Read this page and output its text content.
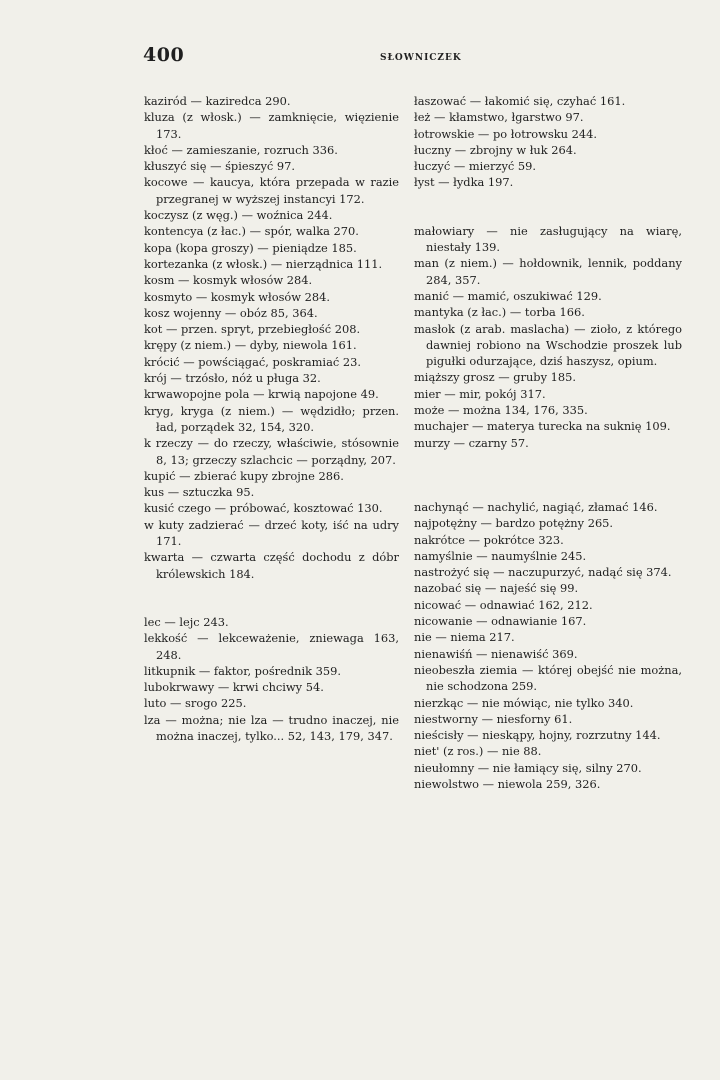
400	SŁOWNICZEK

kaziród — kaziredca 290.

kluza (z włosk.) — zamknięcie, więzienie 173.

kłoć — zamieszanie, rozruch 336.

kłuszyć się — śpieszyć 97.

kocowe — kaucya, która przepada w razie przegranej w wyższej instancyi 172.

koczysz (z węg.) — woźnica 244.

kontencya (z łac.) — spór, walka 270.

kopa (kopa groszy) — pieniądze 185.

kortezanka (z włosk.) — nierządnica 111.

kosm — kosmyk włosów 284.

kosmyto — kosmyk włosów 284.

kosz wojenny — obóz 85, 364.

kot — przen. spryt, przebiegłość 208.

krępy (z niem.) — dyby, niewola 161.

krócić — powściągać, poskramiać 23.

krój — trzósło, nóż u pługa 32.

krwawopojne pola — krwią napojone 49.

kryg, kryga (z niem.) — wędzidło; przen. ład, porządek 32, 154, 320.

k rzeczy — do rzeczy, właściwie, stósownie 8, 13; grzeczy szlachcic — porządny, 207.

kupić — zbierać kupy zbrojne 286.

kus — sztuczka 95.

kusić czego — próbować, kosztować 130.

w kuty zadzierać — drzeć koty, iść na udry 171.

kwarta — czwarta część dochodu z dóbr królewskich 184.

lec — lejc 243.

lekkość — lekceważenie, zniewaga 163, 248.

litkupnik — faktor, pośrednik 359.

lubokrwawy — krwi chciwy 54.

luto — srogo 225.

lza — można; nie lza — trudno inaczej, nie można inaczej, tylko... 52, 143, 179, 347.

łaszować — łakomić się, czyhać 161.

łeż — kłamstwo, łgarstwo 97.

łotrowskie — po łotrowsku 244.

łuczny — zbrojny w łuk 264.

łuczyć — mierzyć 59.

łyst — łydka 197.

małowiary — nie zasługujący na wiarę, niestały 139.

man (z niem.) — hołdownik, lennik, poddany 284, 357.

manić — mamić, oszukiwać 129.

mantyka (z łac.) — torba 166.

masłok (z arab. maslacha) — zioło, z którego dawniej robiono na Wschodzie proszek lub pigułki odurzające, dziś haszysz, opium.

miąższy grosz — gruby 185.

mier — mir, pokój 317.

może — można 134, 176, 335.

muchajer — materya turecka na suknię 109.

murzy — czarny 57.

nachynąć — nachylić, nagiąć, złamać 146.

najpotężny — bardzo potężny 265.

nakrótce — pokrótce 323.

namyślnie — naumyślnie 245.

nastrożyć się — naczupurzyć, nadąć się 374.

nazobać się — najeść się 99.

nicować — odnawiać 162, 212.

nicowanie — odnawianie 167.

nie — niema 217.

nienawiśń — nienawiść 369.

nieobeszła ziemia — której obejść nie można, nie schodzona 259.

nierzkąc — nie mówiąc, nie tylko 340.

niestworny — niesforny 61.

nieścisły — nieskąpy, hojny, rozrzutny 144.

niet' (z ros.) — nie 88.

nieułomny — nie łamiący się, silny 270.

niewolstwo — niewola 259, 326.
